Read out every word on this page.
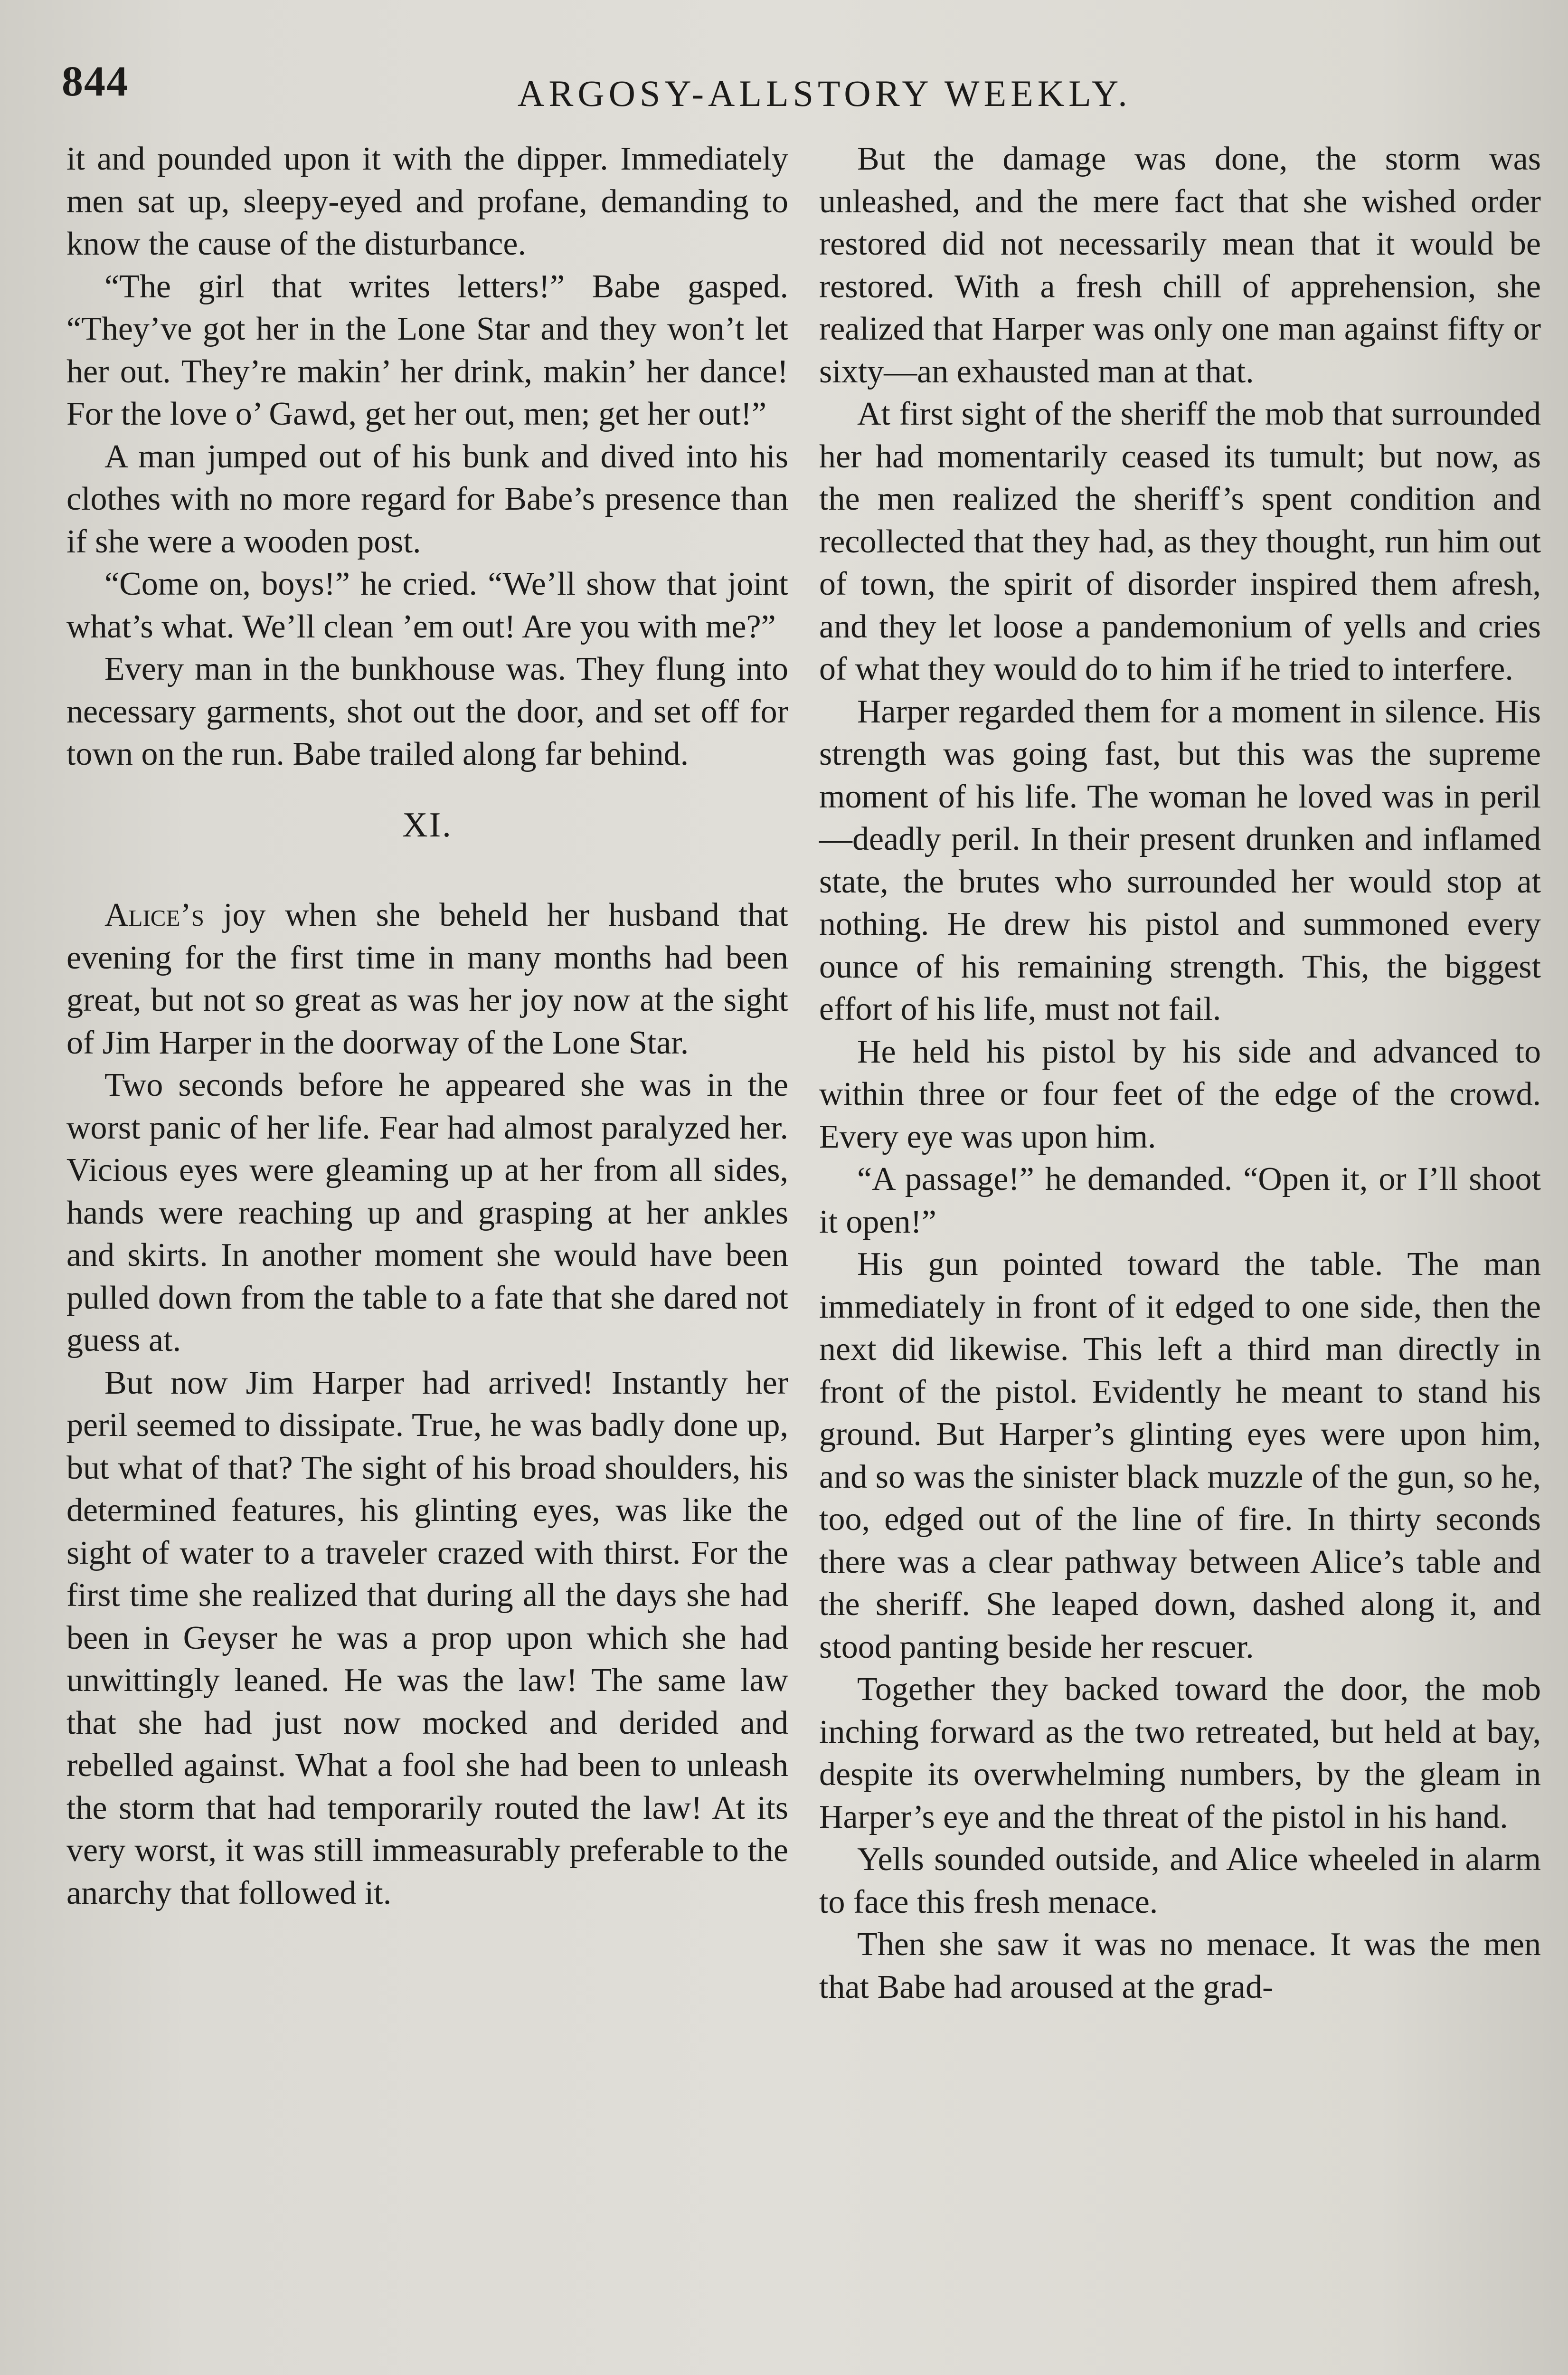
844	ARGOSY-ALLSTORY WEEKLY.

it and pounded upon it with the dipper. Immediately men sat up, sleepy-eyed and profane, demanding to know the cause of the disturbance.

“The girl that writes letters!” Babe gasped. “They’ve got her in the Lone Star and they won’t let her out. They’re makin’ her drink, makin’ her dance! For the love o’ Gawd, get her out, men; get her out!”

A man jumped out of his bunk and dived into his clothes with no more regard for Babe’s presence than if she were a wooden post.

“Come on, boys!” he cried. “We’ll show that joint what’s what. We’ll clean ’em out! Are you with me?”

Every man in the bunkhouse was. They flung into necessary garments, shot out the door, and set off for town on the run. Babe trailed along far behind.

XI.

Alice’s joy when she beheld her husband that evening for the first time in many months had been great, but not so great as was her joy now at the sight of Jim Harper in the doorway of the Lone Star.

Two seconds before he appeared she was in the worst panic of her life. Fear had almost paralyzed her. Vicious eyes were gleaming up at her from all sides, hands were reaching up and grasping at her ankles and skirts. In another moment she would have been pulled down from the table to a fate that she dared not guess at.

But now Jim Harper had arrived! Instantly her peril seemed to dissipate. True, he was badly done up, but what of that? The sight of his broad shoulders, his determined features, his glinting eyes, was like the sight of water to a traveler crazed with thirst. For the first time she realized that during all the days she had been in Geyser he was a prop upon which she had unwittingly leaned. He was the law! The same law that she had just now mocked and derided and rebelled against. What a fool she had been to unleash the storm that had temporarily routed the law! At its very worst, it was still immeasurably preferable to the anarchy that followed it.

But the damage was done, the storm was unleashed, and the mere fact that she wished order restored did not necessarily mean that it would be restored. With a fresh chill of apprehension, she realized that Harper was only one man against fifty or sixty—an exhausted man at that.

At first sight of the sheriff the mob that surrounded her had momentarily ceased its tumult; but now, as the men realized the sheriff’s spent condition and recollected that they had, as they thought, run him out of town, the spirit of disorder inspired them afresh, and they let loose a pandemonium of yells and cries of what they would do to him if he tried to interfere.

Harper regarded them for a moment in silence. His strength was going fast, but this was the supreme moment of his life. The woman he loved was in peril—deadly peril. In their present drunken and inflamed state, the brutes who surrounded her would stop at nothing. He drew his pistol and summoned every ounce of his remaining strength. This, the biggest effort of his life, must not fail.

He held his pistol by his side and advanced to within three or four feet of the edge of the crowd. Every eye was upon him.

“A passage!” he demanded. “Open it, or I’ll shoot it open!”

His gun pointed toward the table. The man immediately in front of it edged to one side, then the next did likewise. This left a third man directly in front of the pistol. Evidently he meant to stand his ground. But Harper’s glinting eyes were upon him, and so was the sinister black muzzle of the gun, so he, too, edged out of the line of fire. In thirty seconds there was a clear pathway between Alice’s table and the sheriff. She leaped down, dashed along it, and stood panting beside her rescuer.

Together they backed toward the door, the mob inching forward as the two retreated, but held at bay, despite its overwhelming numbers, by the gleam in Harper’s eye and the threat of the pistol in his hand.

Yells sounded outside, and Alice wheeled in alarm to face this fresh menace.

Then she saw it was no menace. It was the men that Babe had aroused at the grad-
